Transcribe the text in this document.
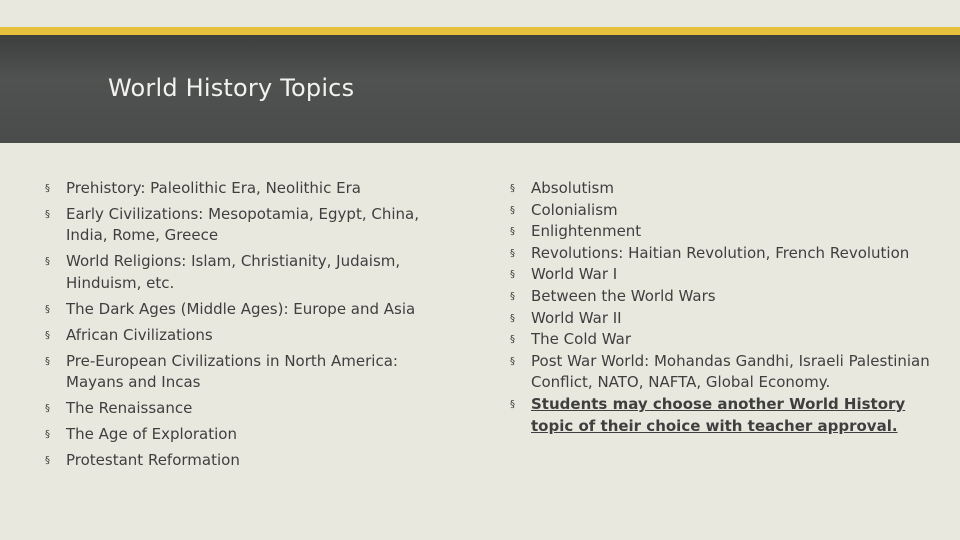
World History Topics
§ Prehistory: Paleolithic Era, Neolithic Era
§ Early Civilizations: Mesopotamia, Egypt, China, India, Rome, Greece
§ World Religions: Islam, Christianity, Judaism, Hinduism, etc.
§ The Dark Ages (Middle Ages): Europe and Asia
§ African Civilizations
§ Pre-European Civilizations in North America: Mayans and Incas
§ The Renaissance
§ The Age of Exploration
§ Protestant Reformation
§ Absolutism
§ Colonialism
§ Enlightenment
§ Revolutions: Haitian Revolution, French Revolution
§ World War I
§ Between the World Wars
§ World War II
§ The Cold War
§ Post War World: Mohandas Gandhi, Israeli Palestinian Conflict, NATO, NAFTA, Global Economy.
§ Students may choose another World History topic of their choice with teacher approval.
